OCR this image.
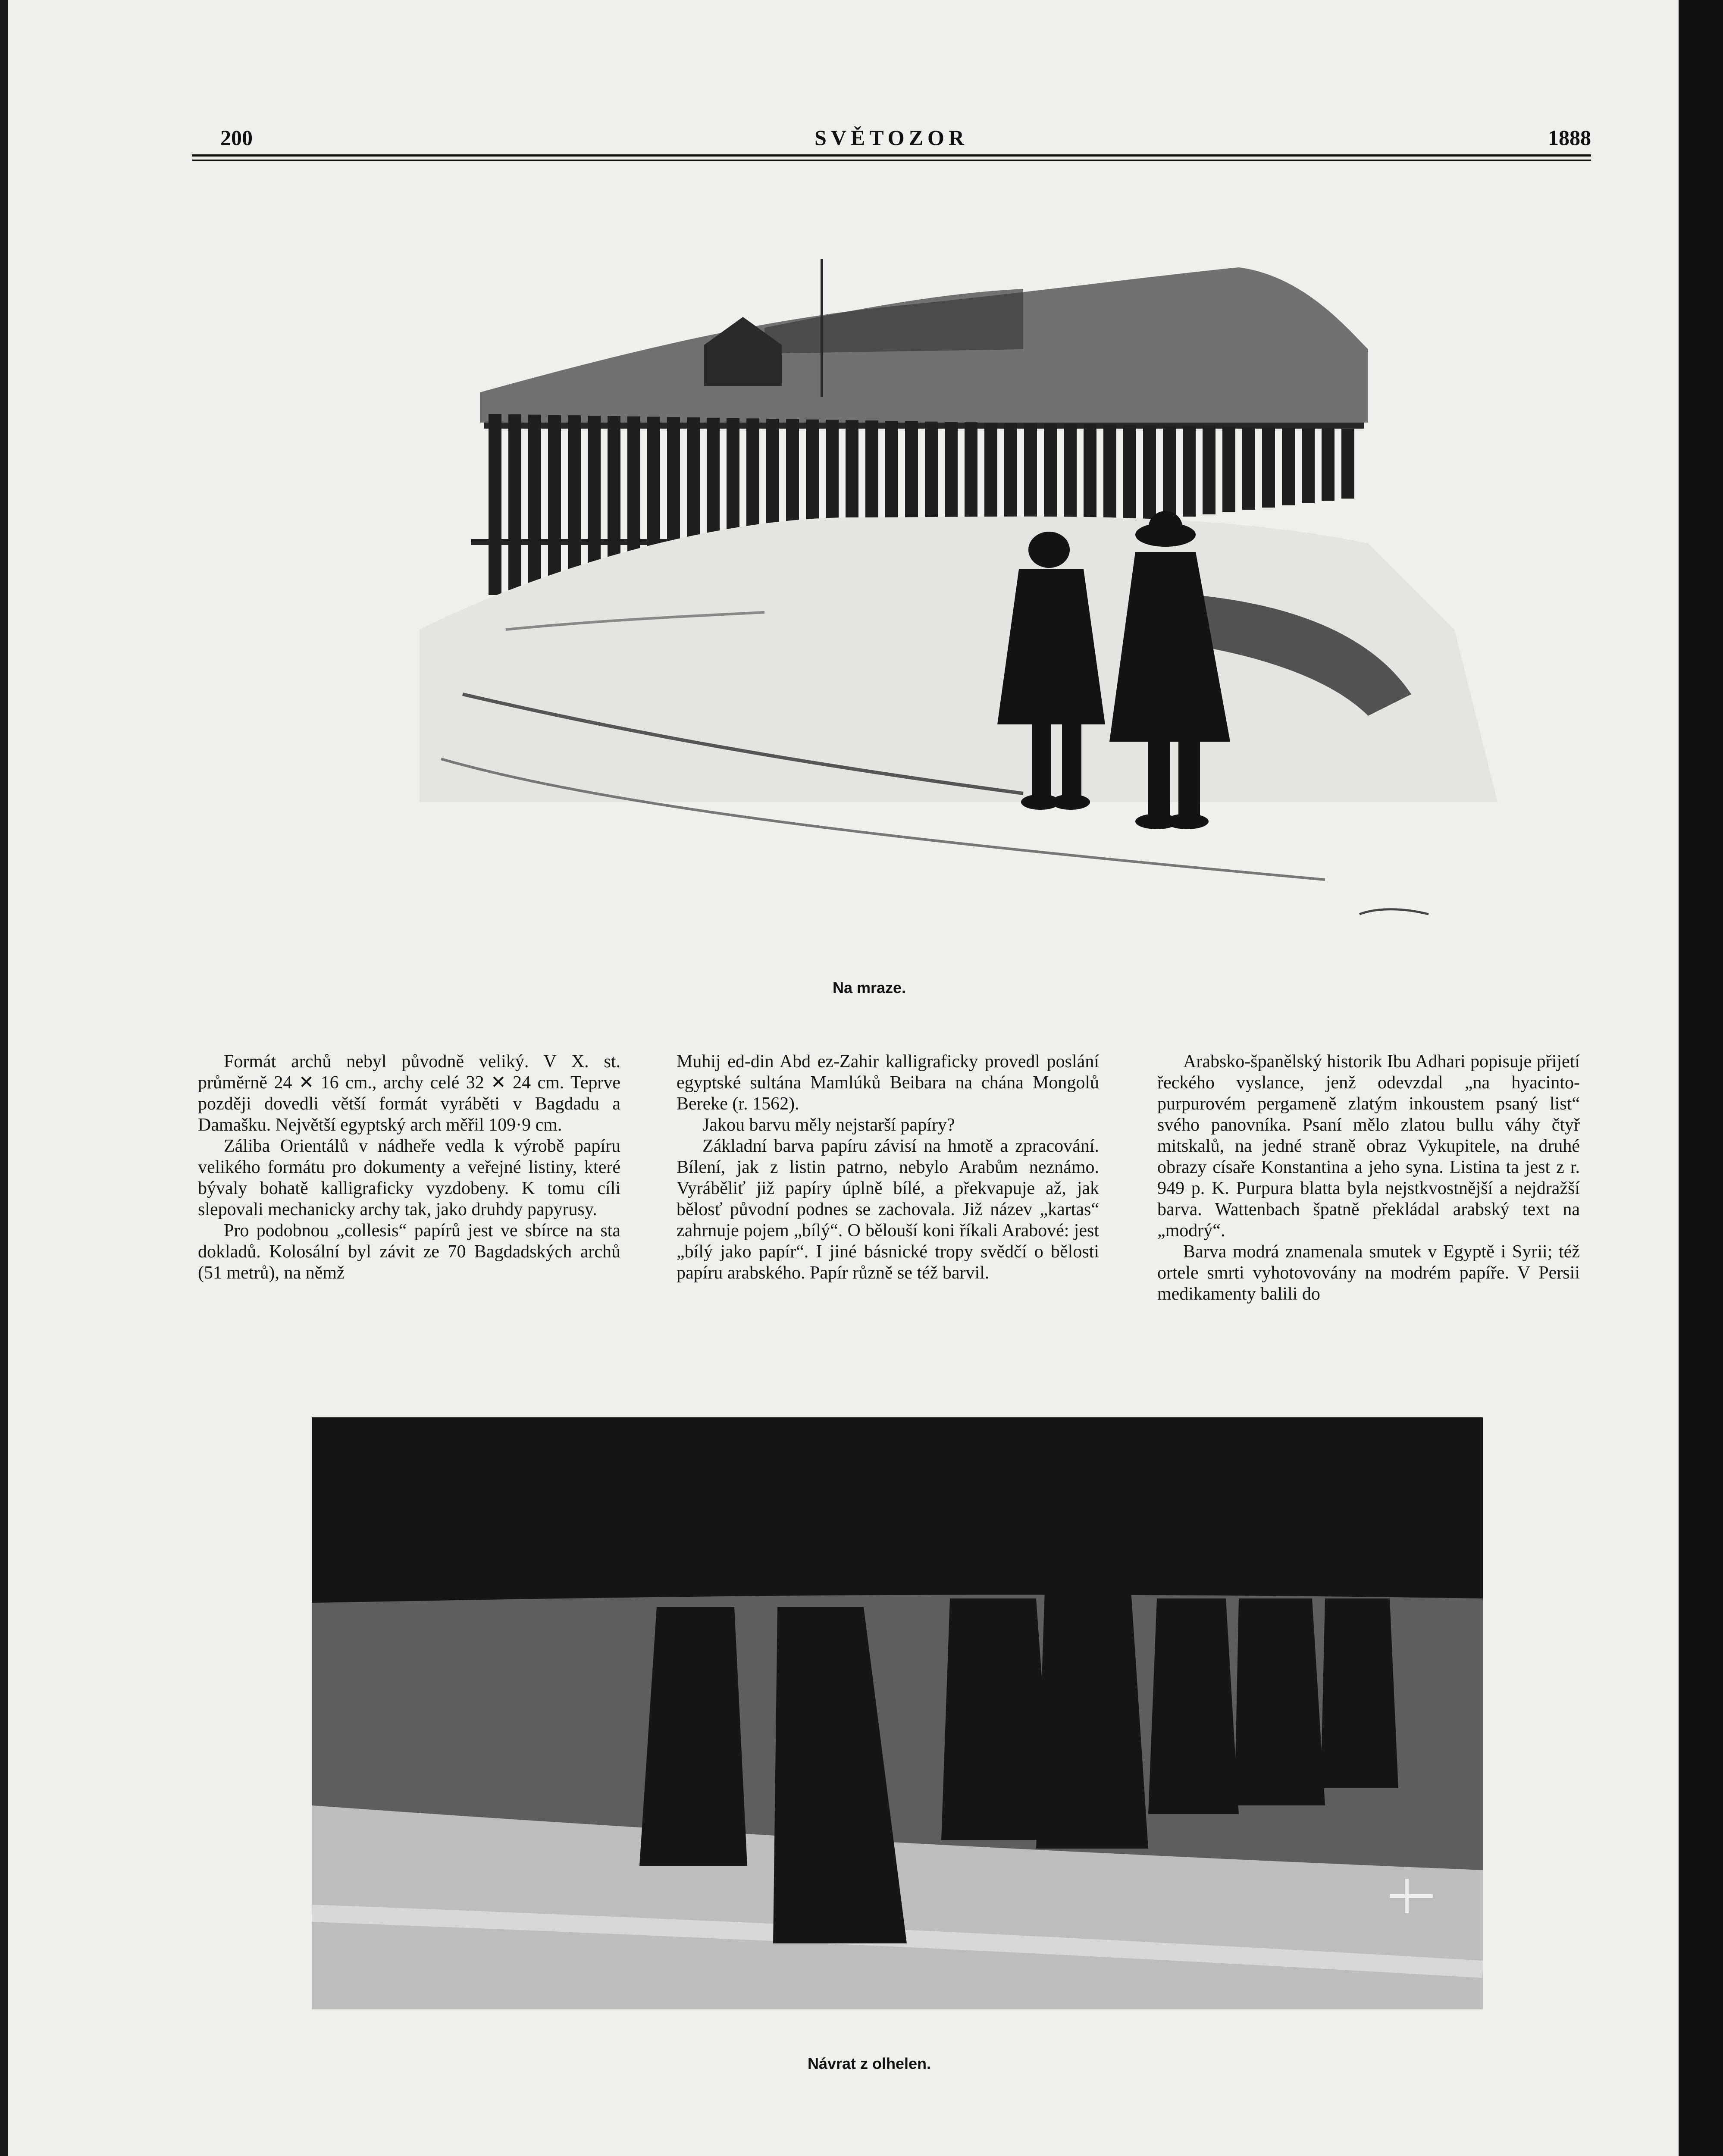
200	SVĚTOZOR	1888
Na mraze.

Formát archů nebyl původně veliký. V X. st. průměrně 24 ✕ 16 cm., archy celé 32 ✕ 24 cm. Teprve později dovedli větší formát vyráběti v Bagdadu a Damašku. Největší egyptský arch měřil 109·9 cm.

Záliba Orientálů v nádheře vedla k výrobě papíru velikého formátu pro dokumenty a veřejné listiny, které bývaly bohatě kalligraficky vyzdobeny. K tomu cíli slepovali mechanicky archy tak, jako druhdy papyrusy.

Pro podobnou „collesis“ papírů jest ve sbírce na sta dokladů. Kolosální byl závit ze 70 Bagdadských archů (51 metrů), na němž

Muhij ed-din Abd ez-Zahir kalligraficky provedl poslání egyptské sultána Mamlúků Beibara na chána Mongolů Bereke (r. 1562).

Jakou barvu měly nejstarší papíry?

Základní barva papíru závisí na hmotě a zpracování. Bílení, jak z listin patrno, nebylo Arabům neznámo. Vyráběliť již papíry úplně bílé, a překvapuje až, jak bělosť původní podnes se zachovala. Již název „kartas“ zahrnuje pojem „bílý“. O bělouší koni říkali Arabové: jest „bílý jako papír“. I jiné básnické tropy svědčí o bělosti papíru arabského. Papír různě se též barvil.

Arabsko-španělský historik Ibu Adhari popisuje přijetí řeckého vyslance, jenž odevzdal „na hyacinto-purpurovém pergameně zlatým inkoustem psaný list“ svého panovníka. Psaní mělo zlatou bullu váhy čtyř mitskalů, na jedné straně obraz Vykupitele, na druhé obrazy císaře Konstantina a jeho syna. Listina ta jest z r. 949 p. K. Purpura blatta byla nejstkvostnější a nejdražší barva. Wattenbach špatně překládal arabský text na „modrý“.

Barva modrá znamenala smutek v Egyptě i Syrii; též ortele smrti vyhotovovány na modrém papíře. V Persii medikamenty balili do

Návrat z olhelen.
